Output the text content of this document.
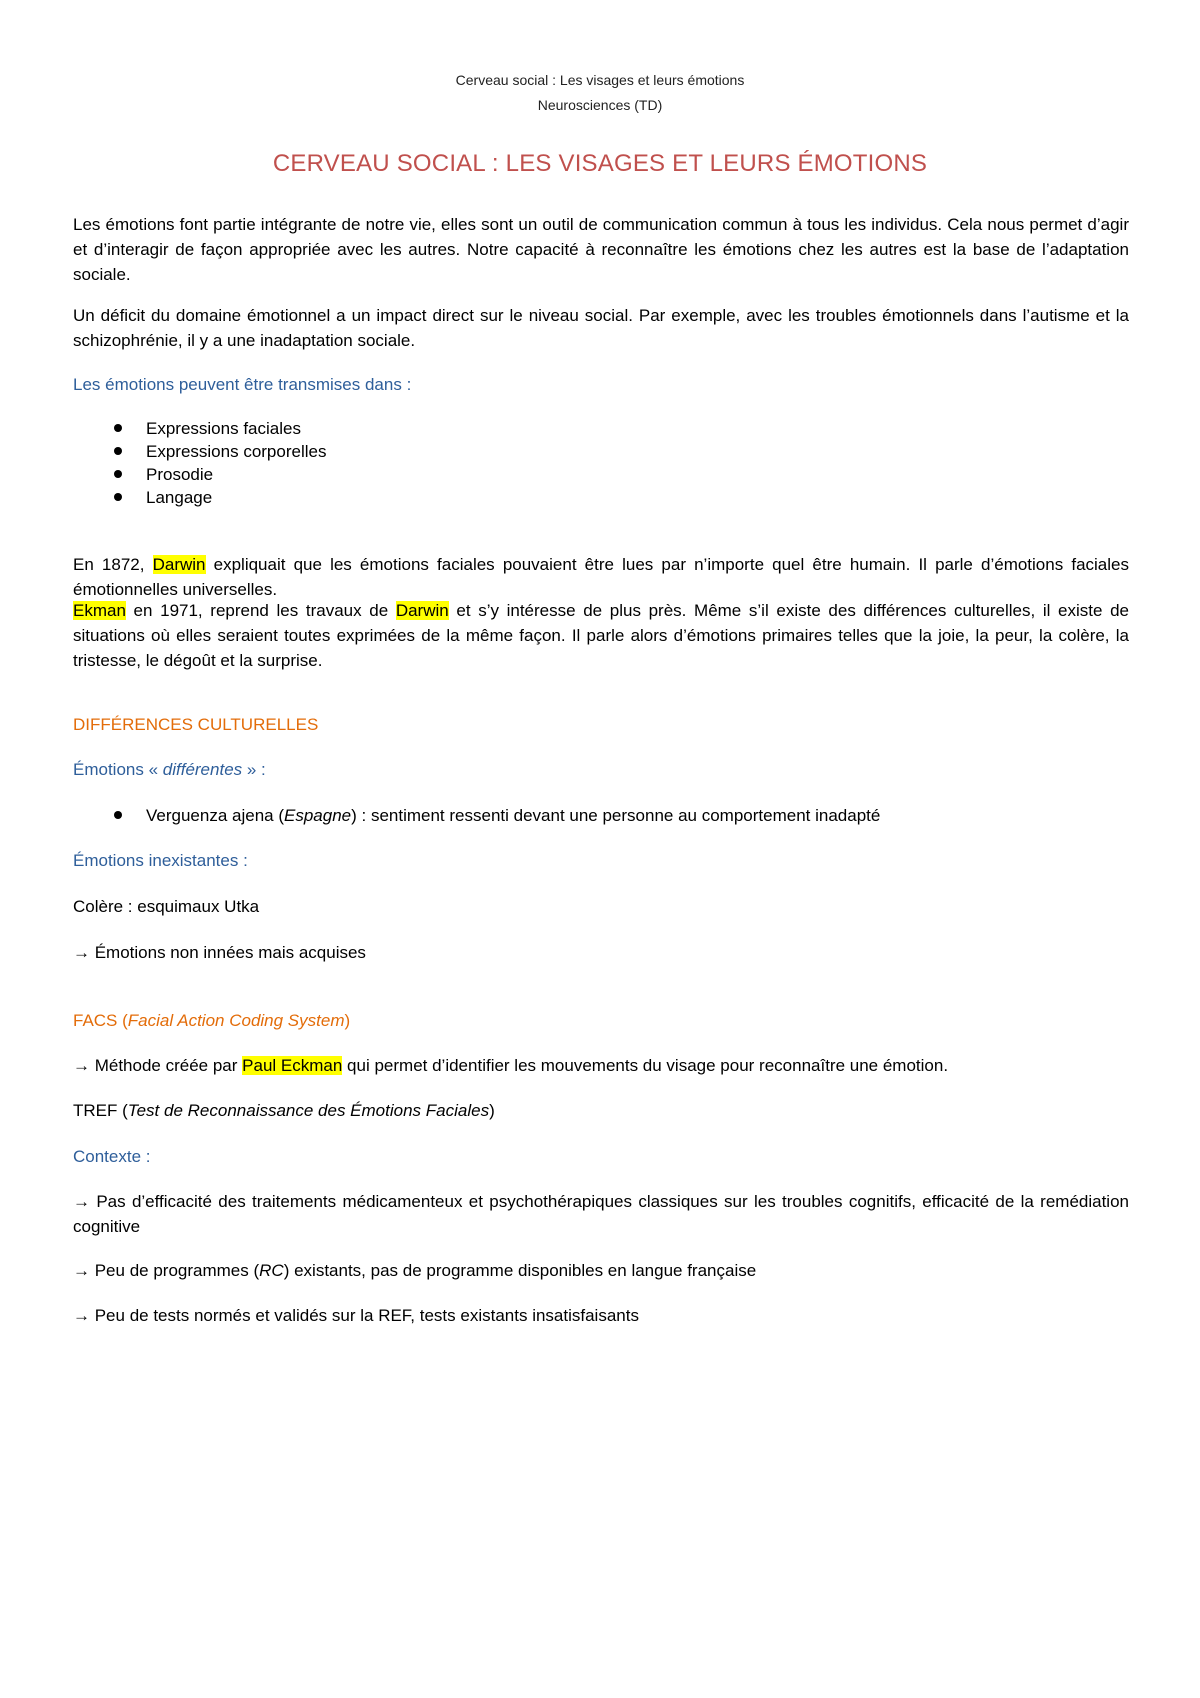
Cerveau social : Les visages et leurs émotions
Neurosciences (TD)
CERVEAU SOCIAL : LES VISAGES ET LEURS ÉMOTIONS
Les émotions font partie intégrante de notre vie, elles sont un outil de communication commun à tous les individus. Cela nous permet d’agir et d’interagir de façon appropriée avec les autres. Notre capacité à reconnaître les émotions chez les autres est la base de l’adaptation sociale.
Un déficit du domaine émotionnel a un impact direct sur le niveau social. Par exemple, avec les troubles émotionnels dans l’autisme et la schizophrénie, il y a une inadaptation sociale.
Les émotions peuvent être transmises dans :
Expressions faciales
Expressions corporelles
Prosodie
Langage
En 1872, Darwin expliquait que les émotions faciales pouvaient être lues par n’importe quel être humain. Il parle d’émotions faciales émotionnelles universelles.
Ekman en 1971, reprend les travaux de Darwin et s’y intéresse de plus près. Même s’il existe des différences culturelles, il existe de situations où elles seraient toutes exprimées de la même façon. Il parle alors d’émotions primaires telles que la joie, la peur, la colère, la tristesse, le dégoût et la surprise.
DIFFÉRENCES CULTURELLES
Émotions « différentes » :
Verguenza ajena (Espagne) : sentiment ressenti devant une personne au comportement inadapté
Émotions inexistantes :
Colère : esquimaux Utka
→ Émotions non innées mais acquises
FACS (Facial Action Coding System)
→ Méthode créée par Paul Eckman qui permet d’identifier les mouvements du visage pour reconnaître une émotion.
TREF (Test de Reconnaissance des Émotions Faciales)
Contexte :
→ Pas d’efficacité des traitements médicamenteux et psychothérapiques classiques sur les troubles cognitifs, efficacité de la remédiation cognitive
→ Peu de programmes (RC) existants, pas de programme disponibles en langue française
→ Peu de tests normés et validés sur la REF, tests existants insatisfaisants
